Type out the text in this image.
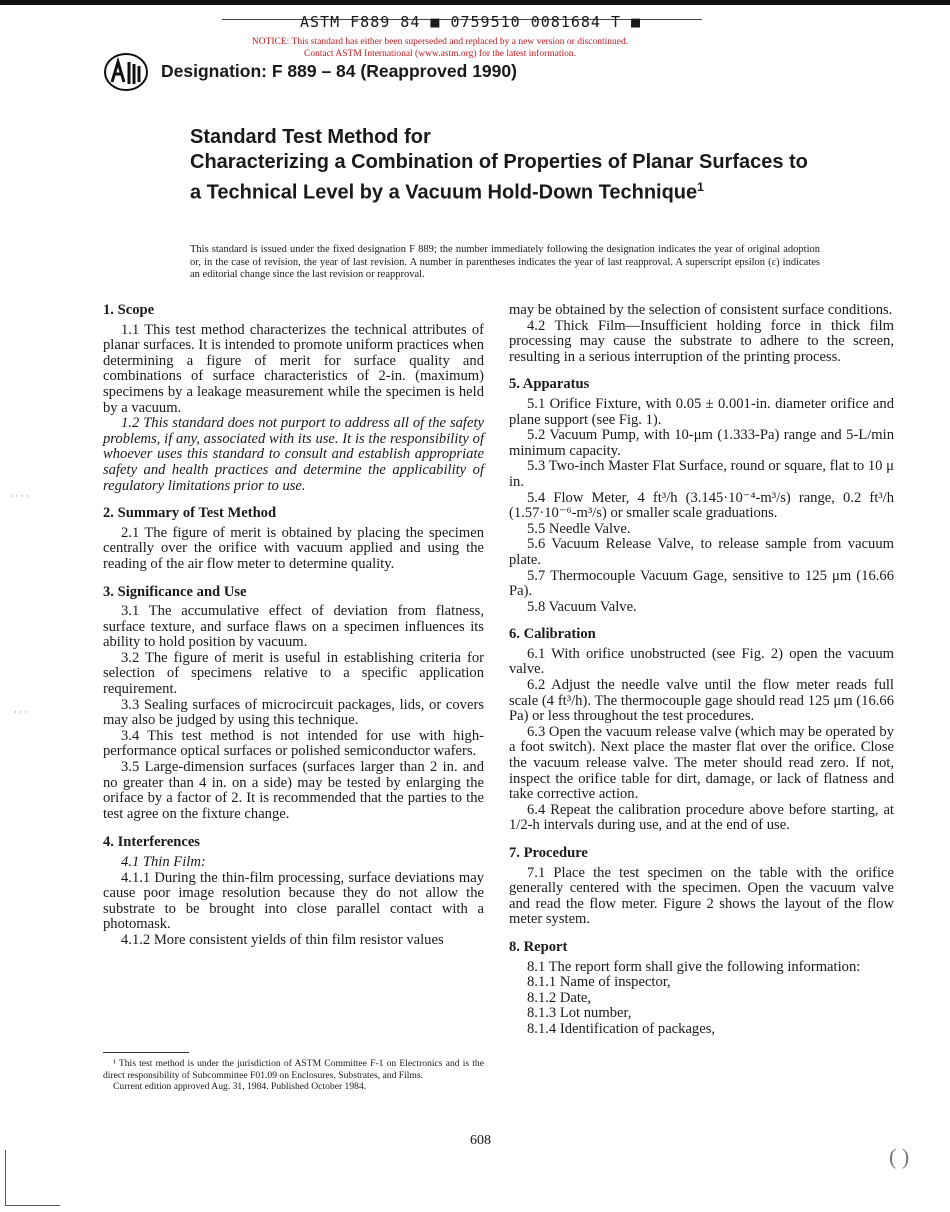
ASTM F889 84 ■ 0759510 0081684 T ■
NOTICE: This standard has either been superseded and replaced by a new version or discontinued.
Contact ASTM International (www.astm.org) for the latest information.
Designation: F 889 – 84 (Reapproved 1990)
Standard Test Method for
Characterizing a Combination of Properties of Planar Surfaces to a Technical Level by a Vacuum Hold-Down Technique$^1$
This standard is issued under the fixed designation F 889; the number immediately following the designation indicates the year of original adoption or, in the case of revision, the year of last revision. A number in parentheses indicates the year of last reapproval. A superscript epsilon (ε) indicates an editorial change since the last revision or reapproval.
1. Scope

1.1 This test method characterizes the technical attributes of planar surfaces. It is intended to promote uniform practices when determining a figure of merit for surface quality and combinations of surface characteristics of 2-in. (maximum) specimens by a leakage measurement while the specimen is held by a vacuum.

1.2 This standard does not purport to address all of the safety problems, if any, associated with its use. It is the responsibility of whoever uses this standard to consult and establish appropriate safety and health practices and determine the applicability of regulatory limitations prior to use.

2. Summary of Test Method

2.1 The figure of merit is obtained by placing the specimen centrally over the orifice with vacuum applied and using the reading of the air flow meter to determine quality.

3. Significance and Use

3.1 The accumulative effect of deviation from flatness, surface texture, and surface flaws on a specimen influences its ability to hold position by vacuum.

3.2 The figure of merit is useful in establishing criteria for selection of specimens relative to a specific application requirement.

3.3 Sealing surfaces of microcircuit packages, lids, or covers may also be judged by using this technique.

3.4 This test method is not intended for use with high-performance optical surfaces or polished semiconductor wafers.

3.5 Large-dimension surfaces (surfaces larger than 2 in. and no greater than 4 in. on a side) may be tested by enlarging the oriface by a factor of 2. It is recommended that the parties to the test agree on the fixture change.

4. Interferences

4.1 Thin Film:

4.1.1 During the thin-film processing, surface deviations may cause poor image resolution because they do not allow the substrate to be brought into close parallel contact with a photomask.

4.1.2 More consistent yields of thin film resistor values

¹ This test method is under the jurisdiction of ASTM Committee F-1 on Electronics and is the direct responsibility of Subcommittee F01.09 on Enclosures, Substrates, and Films.

Current edition approved Aug. 31, 1984. Published October 1984.

may be obtained by the selection of consistent surface conditions.

4.2 Thick Film—Insufficient holding force in thick film processing may cause the substrate to adhere to the screen, resulting in a serious interruption of the printing process.

5. Apparatus

5.1 Orifice Fixture, with 0.05 ± 0.001-in. diameter orifice and plane support (see Fig. 1).

5.2 Vacuum Pump, with 10-μm (1.333-Pa) range and 5-L/min minimum capacity.

5.3 Two-inch Master Flat Surface, round or square, flat to 10 μ in.

5.4 Flow Meter, 4 ft³/h (3.145·10⁻⁴-m³/s) range, 0.2 ft³/h (1.57·10⁻⁶-m³/s) or smaller scale graduations.

5.5 Needle Valve.

5.6 Vacuum Release Valve, to release sample from vacuum plate.

5.7 Thermocouple Vacuum Gage, sensitive to 125 μm (16.66 Pa).

5.8 Vacuum Valve.

6. Calibration

6.1 With orifice unobstructed (see Fig. 2) open the vacuum valve.

6.2 Adjust the needle valve until the flow meter reads full scale (4 ft³/h). The thermocouple gage should read 125 μm (16.66 Pa) or less throughout the test procedures.

6.3 Open the vacuum release valve (which may be operated by a foot switch). Next place the master flat over the orifice. Close the vacuum release valve. The meter should read zero. If not, inspect the orifice table for dirt, damage, or lack of flatness and take corrective action.

6.4 Repeat the calibration procedure above before starting, at 1/2-h intervals during use, and at the end of use.

7. Procedure

7.1 Place the test specimen on the table with the orifice generally centered with the specimen. Open the vacuum valve and read the flow meter. Figure 2 shows the layout of the flow meter system.

8. Report

8.1 The report form shall give the following information:

8.1.1 Name of inspector,

8.1.2 Date,

8.1.3 Lot number,

8.1.4 Identification of packages,

608
( )
· · · ·
· · ·
